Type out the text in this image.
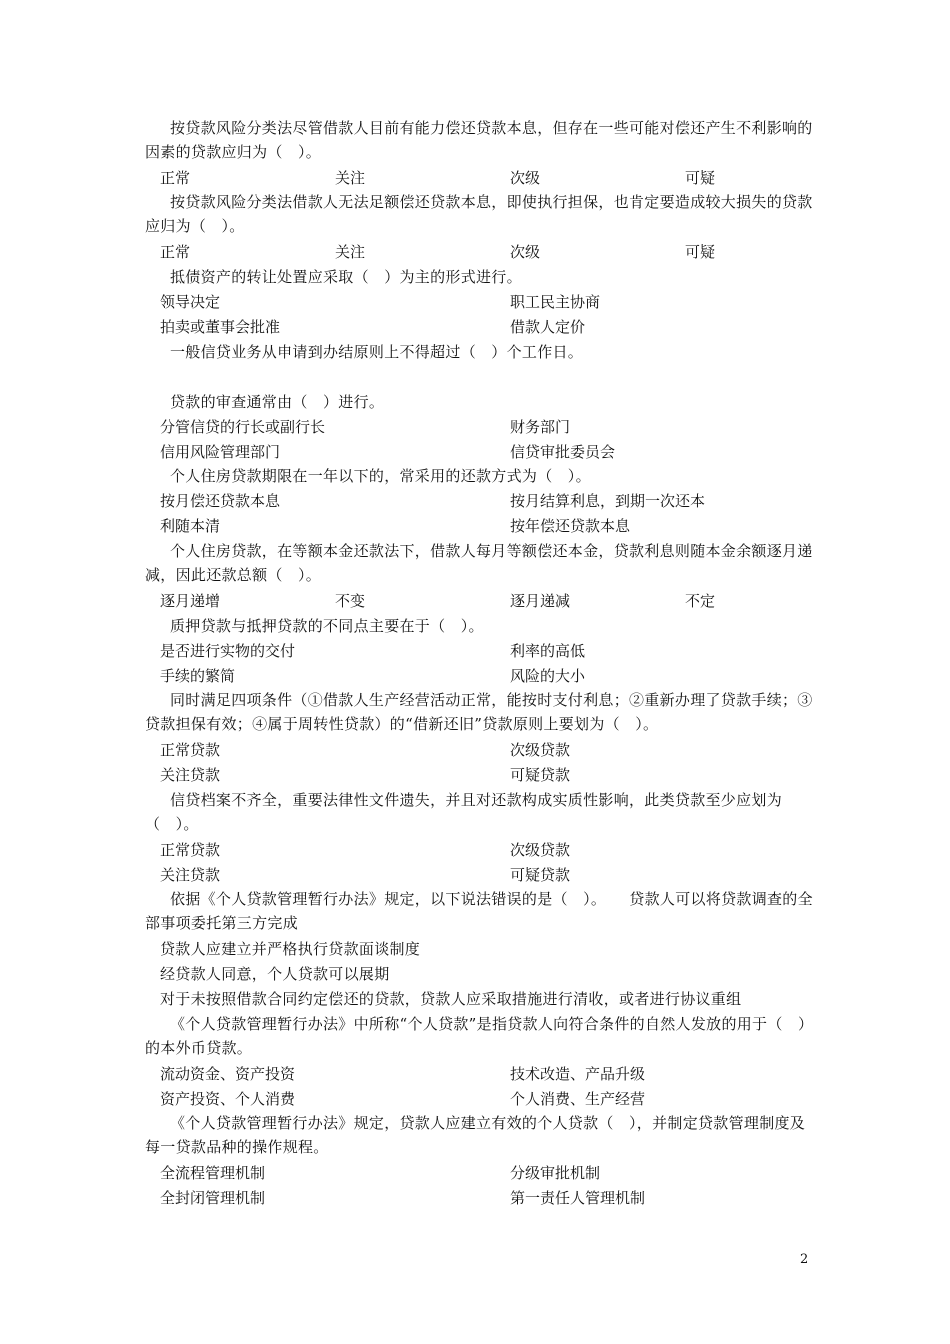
按贷款风险分类法尽管借款人目前有能力偿还贷款本息，但存在一些可能对偿还产生不利影响的因素的贷款应归为（　）。

正常	关注	次级	可疑

按贷款风险分类法借款人无法足额偿还贷款本息，即使执行担保，也肯定要造成较大损失的贷款应归为（　）。

正常	关注	次级	可疑

抵债资产的转让处置应采取（　）为主的形式进行。

领导决定	职工民主协商
拍卖或董事会批准	借款人定价

一般信贷业务从申请到办结原则上不得超过（　）个工作日。

贷款的审查通常由（　）进行。

分管信贷的行长或副行长	财务部门
信用风险管理部门	信贷审批委员会

个人住房贷款期限在一年以下的，常采用的还款方式为（　）。

按月偿还贷款本息	按月结算利息，到期一次还本
利随本清	按年偿还贷款本息

个人住房贷款，在等额本金还款法下，借款人每月等额偿还本金，贷款利息则随本金余额逐月递减，因此还款总额（　）。

逐月递增	不变	逐月递减	不定

质押贷款与抵押贷款的不同点主要在于（　）。

是否进行实物的交付	利率的高低
手续的繁简	风险的大小

同时满足四项条件（①借款人生产经营活动正常，能按时支付利息；②重新办理了贷款手续；③贷款担保有效；④属于周转性贷款）的“借新还旧”贷款原则上要划为（　）。

正常贷款	次级贷款
关注贷款	可疑贷款

信贷档案不齐全，重要法律性文件遗失，并且对还款构成实质性影响，此类贷款至少应划为（　）。

正常贷款	次级贷款
关注贷款	可疑贷款

依据《个人贷款管理暂行办法》规定，以下说法错误的是（　）。　　贷款人可以将贷款调查的全部事项委托第三方完成

贷款人应建立并严格执行贷款面谈制度
经贷款人同意，个人贷款可以展期
对于未按照借款合同约定偿还的贷款，贷款人应采取措施进行清收，或者进行协议重组

《个人贷款管理暂行办法》中所称“个人贷款”是指贷款人向符合条件的自然人发放的用于（　）的本外币贷款。

流动资金、资产投资	技术改造、产品升级
资产投资、个人消费	个人消费、生产经营

《个人贷款管理暂行办法》规定，贷款人应建立有效的个人贷款（　），并制定贷款管理制度及每一贷款品种的操作规程。

全流程管理机制	分级审批机制
全封闭管理机制	第一责任人管理机制
2
